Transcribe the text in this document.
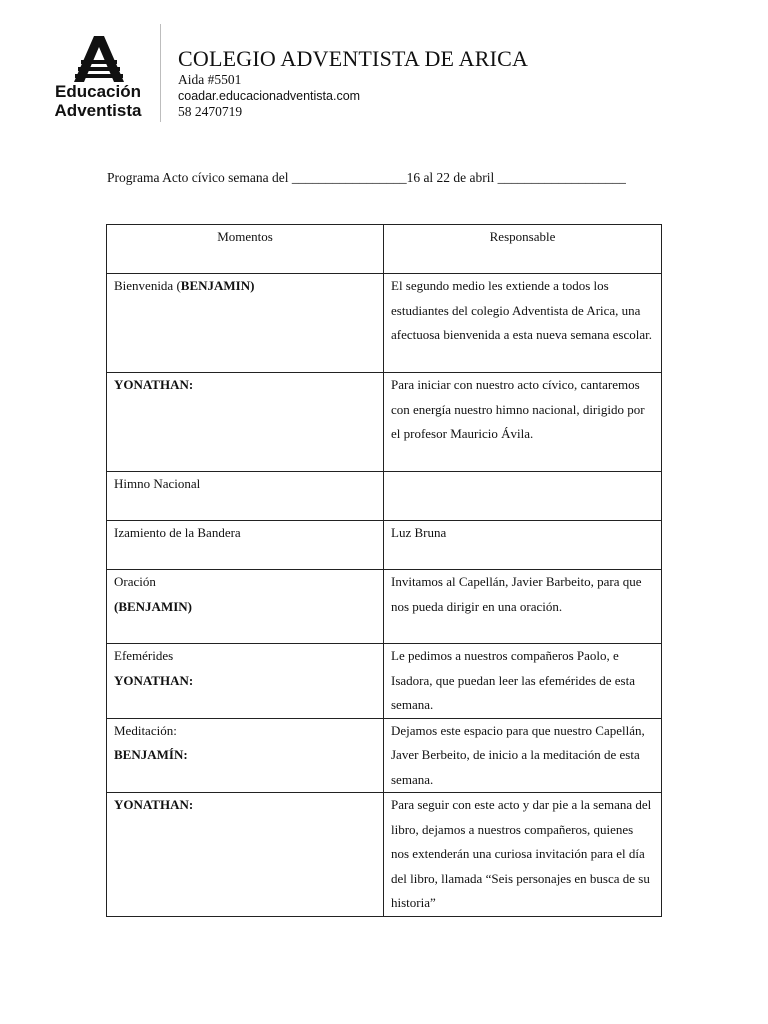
Educación
Adventista
COLEGIO ADVENTISTA DE ARICA
Aida #5501
coadar.educacionadventista.com
58 2470719
Programa Acto cívico semana del _________________16 al 22 de abril ___________________
Momentos	Responsable
Bienvenida (BENJAMIN)	El segundo medio les extiende a todos los estudiantes del colegio Adventista de Arica, una afectuosa bienvenida a esta nueva semana escolar.
YONATHAN:	Para iniciar con nuestro acto cívico, cantaremos con energía nuestro himno nacional, dirigido por el profesor Mauricio Ávila.
Himno Nacional	
Izamiento de la Bandera	Luz Bruna

Oración
(BENJAMIN)	Invitamos al Capellán, Javier Barbeito, para que nos pueda dirigir en una oración.

Efemérides
YONATHAN:	Le pedimos a nuestros compañeros Paolo, e Isadora, que puedan leer las efemérides de esta semana.

Meditación:
BENJAMÍN:	Dejamos este espacio para que nuestro Capellán, Javer Berbeito, de inicio a la meditación de esta semana.
YONATHAN:	Para seguir con este acto y dar pie a la semana del libro, dejamos a nuestros compañeros, quienes nos extenderán una curiosa invitación para el día del libro, llamada “Seis personajes en busca de su historia”
